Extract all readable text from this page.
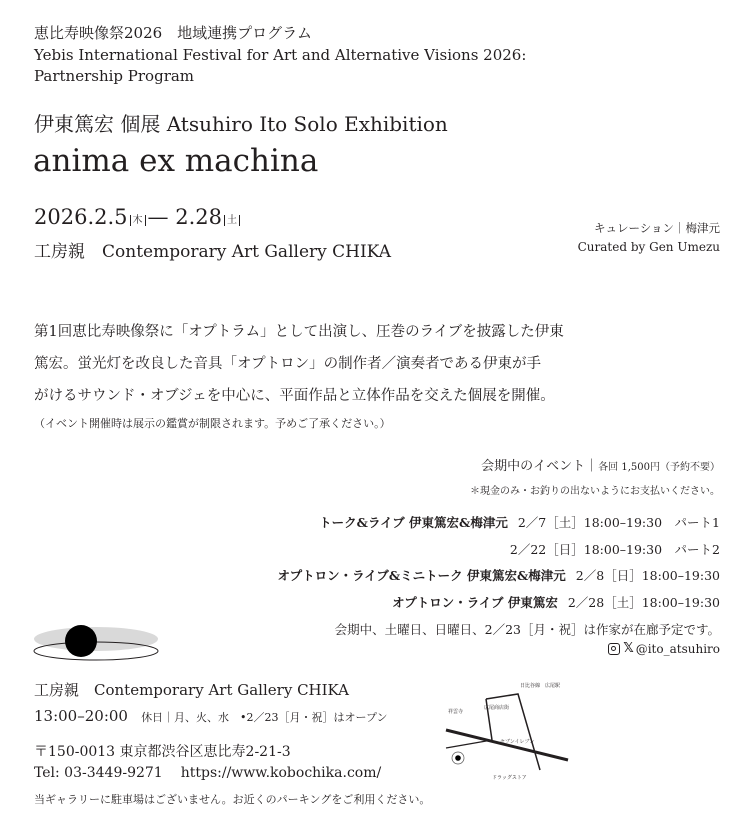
恵比寿映像祭2026　地域連携プログラム
Yebis International Festival for Art and Alternative Visions 2026:
Partnership Program
伊東篤宏 個展 Atsuhiro Ito Solo Exhibition
anima ex machina
2026.2.5 木 — 2.28 土
工房親　Contemporary Art Gallery CHIKA
キュレーション｜梅津元
Curated by Gen Umezu
第1回恵比寿映像祭に「オプトラム」として出演し、圧巻のライブを披露した伊東
篤宏。蛍光灯を改良した音具「オプトロン」の制作者／演奏者である伊東が手
がけるサウンド・オブジェを中心に、平面作品と立体作品を交えた個展を開催。
（イベント開催時は展示の鑑賞が制限されます。予めご了承ください。）
会期中のイベント｜各回 1,500円（予約不要）
＊現金のみ・お釣りの出ないようにお支払いください。
トーク&ライブ 伊東篤宏&梅津元 2／7［土］18:00–19:30　パート1
2／22［日］18:00–19:30　パート2
オプトロン・ライブ&ミニトーク 伊東篤宏&梅津元 2／8［日］18:00–19:30
オプトロン・ライブ 伊東篤宏 2／28［土］18:00–19:30
会期中、土曜日、日曜日、2／23［月・祝］は作家が在廊予定です。
𝕏 @ito_atsuhiro
工房親　Contemporary Art Gallery CHIKA
13:00–20:00 休日｜月、火、水　•2／23［月・祝］はオープン
〒150-0013 東京都渋谷区恵比寿2-21-3
Tel: 03-3449-9271 https://www.kobochika.com/
当ギャラリーに駐車場はございません。お近くのパーキングをご利用ください。
日比谷線　広尾駅
広尾商店街
祥雲寺
セブンイレブン
ドラッグストア
